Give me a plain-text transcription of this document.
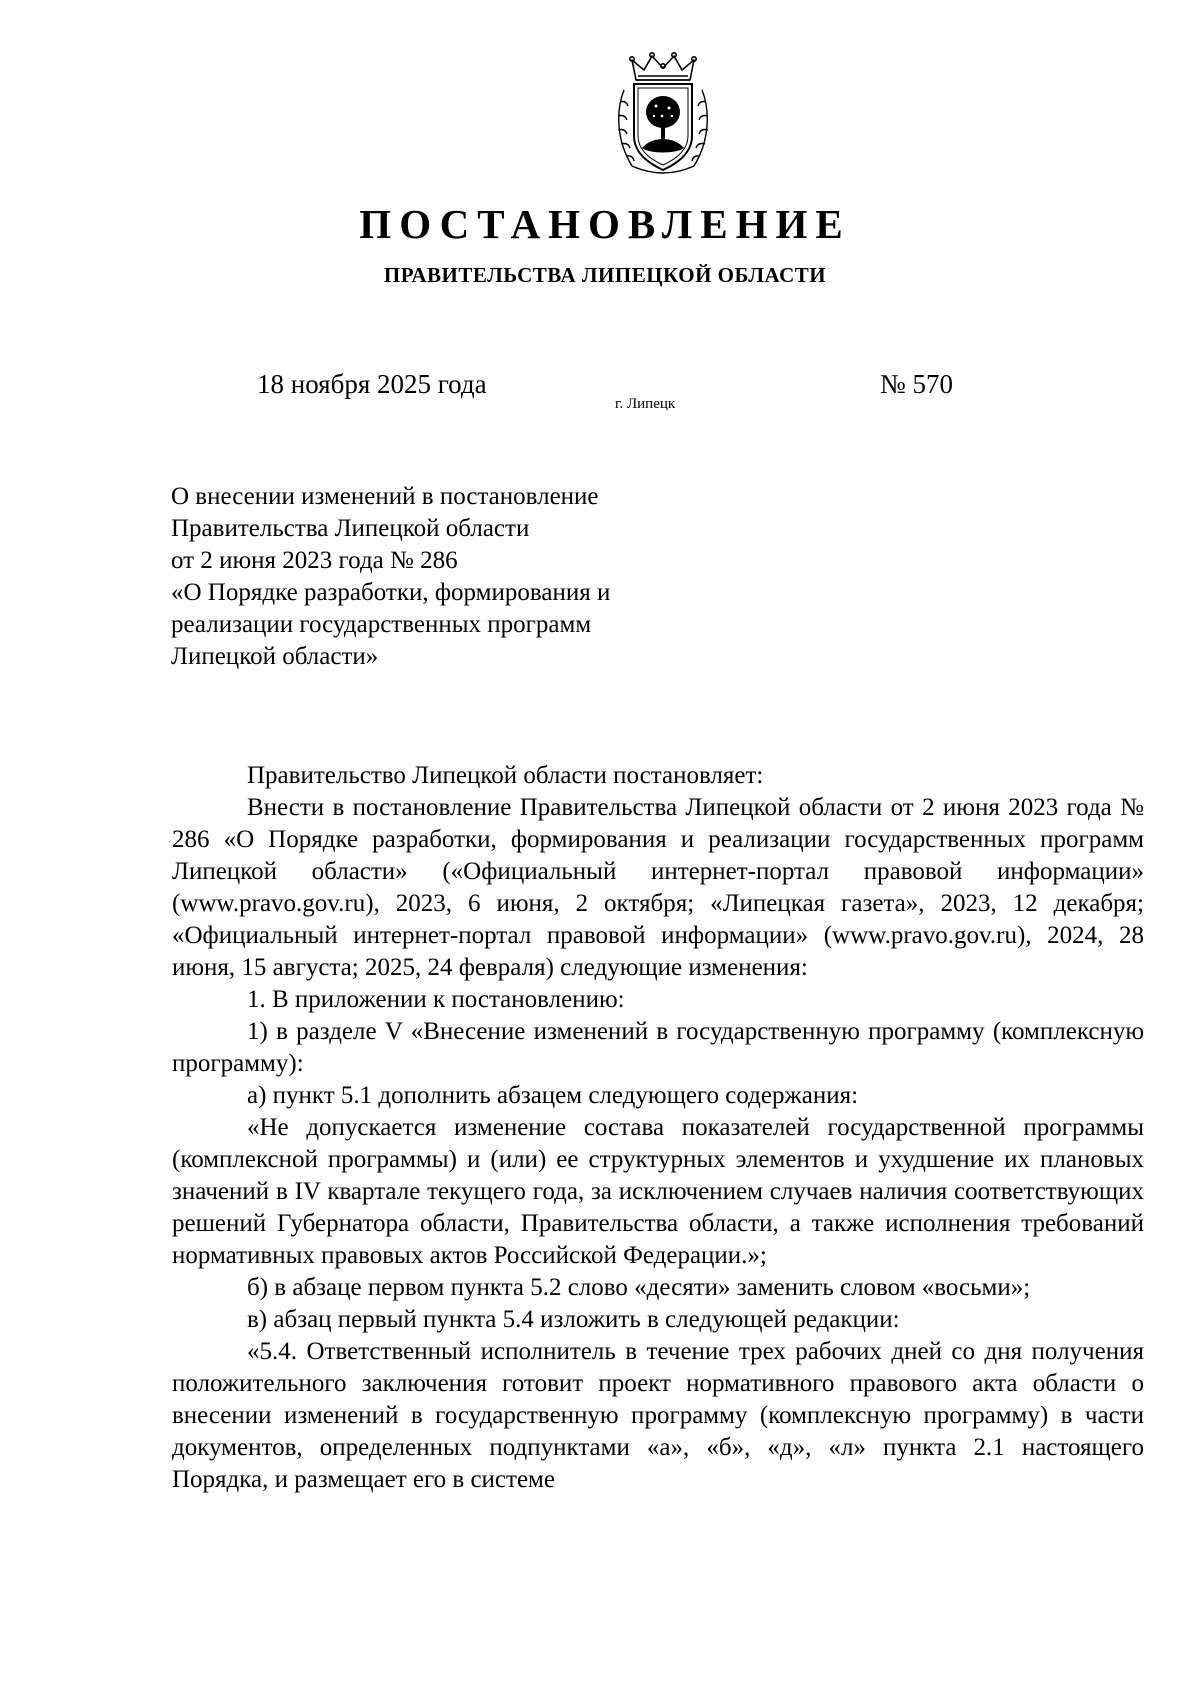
ПОСТАНОВЛЕНИЕ
ПРАВИТЕЛЬСТВА ЛИПЕЦКОЙ ОБЛАСТИ
18 ноября 2025 года
г. Липецк
№ 570
О внесении изменений в постановление
Правительства Липецкой области
от 2 июня 2023 года № 286
«О Порядке разработки, формирования и
реализации государственных программ
Липецкой области»

Правительство Липецкой области постановляет:

Внести в постановление Правительства Липецкой области от 2 июня 2023 года № 286 «О Порядке разработки, формирования и реализации государственных программ Липецкой области» («Официальный интернет-портал правовой информации» (www.pravo.gov.ru), 2023, 6 июня, 2 октября; «Липецкая газета», 2023, 12 декабря; «Официальный интернет-портал правовой информации» (www.pravo.gov.ru), 2024, 28 июня, 15 августа; 2025, 24 февраля) следующие изменения:

1. В приложении к постановлению:

1) в разделе V «Внесение изменений в государственную программу (комплексную программу):

а) пункт 5.1 дополнить абзацем следующего содержания:

«Не допускается изменение состава показателей государственной программы (комплексной программы) и (или) ее структурных элементов и ухудшение их плановых значений в IV квартале текущего года, за исключением случаев наличия соответствующих решений Губернатора области, Правительства области, а также исполнения требований нормативных правовых актов Российской Федерации.»;

б) в абзаце первом пункта 5.2 слово «десяти» заменить словом «восьми»;

в) абзац первый пункта 5.4 изложить в следующей редакции:

«5.4. Ответственный исполнитель в течение трех рабочих дней со дня получения положительного заключения готовит проект нормативного правового акта области о внесении изменений в государственную программу (комплексную программу) в части документов, определенных подпунктами «а», «б», «д», «л» пункта 2.1 настоящего Порядка, и размещает его в системе
